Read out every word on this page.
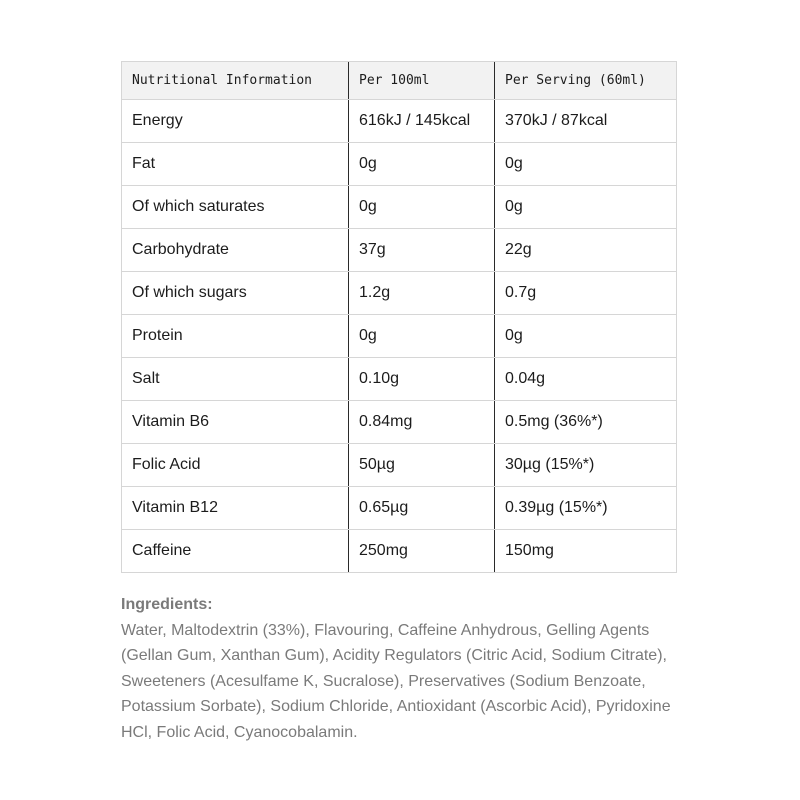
Nutritional Information	Per 100ml	Per Serving (60ml)
Energy	616kJ / 145kcal	370kJ / 87kcal
Fat	0g	0g
Of which saturates	0g	0g
Carbohydrate	37g	22g
Of which sugars	1.2g	0.7g
Protein	0g	0g
Salt	0.10g	0.04g
Vitamin B6	0.84mg	0.5mg (36%*)
Folic Acid	50µg	30µg (15%*)
Vitamin B12	0.65µg	0.39µg (15%*)
Caffeine	250mg	150mg
Ingredients:
Water, Maltodextrin (33%), Flavouring, Caffeine Anhydrous, Gelling Agents (Gellan Gum, Xanthan Gum), Acidity Regulators (Citric Acid, Sodium Citrate), Sweeteners (Acesulfame K, Sucralose), Preservatives (Sodium Benzoate, Potassium Sorbate), Sodium Chloride, Antioxidant (Ascorbic Acid), Pyridoxine HCl, Folic Acid, Cyanocobalamin.
